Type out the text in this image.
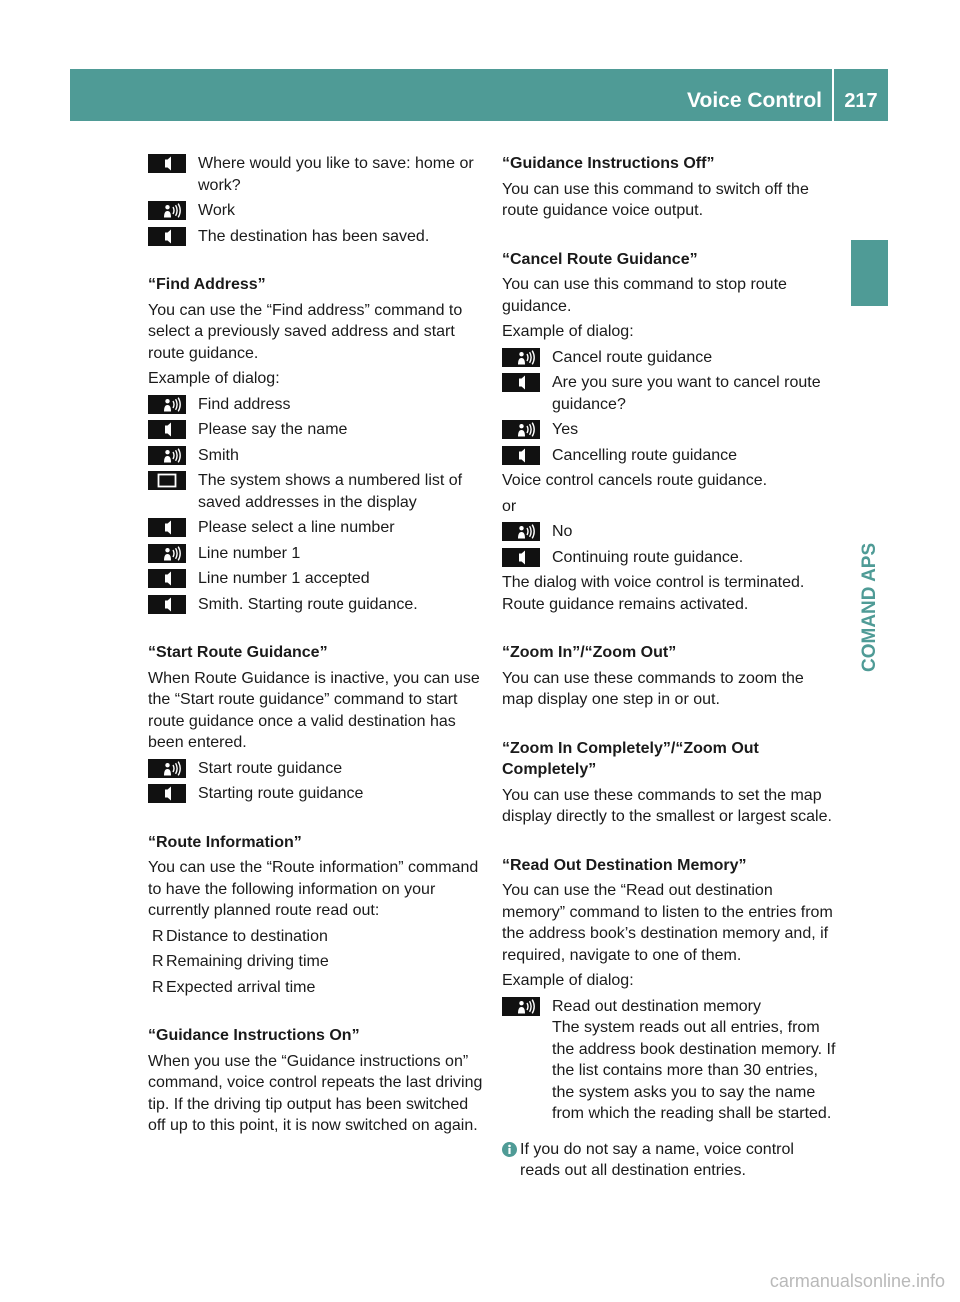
Voice Control	217
COMAND APS
Where would you like to save: home or work?
Work
The destination has been saved.
“Find Address”
You can use the “Find address” command to select a previously saved address and start route guidance.
Example of dialog:
Find address
Please say the name
Smith
The system shows a numbered list of saved addresses in the display
Please select a line number
Line number 1
Line number 1 accepted
Smith. Starting route guidance.
“Start Route Guidance”
When Route Guidance is inactive, you can use the “Start route guidance” command to start route guidance once a valid destination has been entered.
Start route guidance
Starting route guidance
“Route Information”
You can use the “Route information” command to have the following information on your currently planned route read out:
R Distance to destination
R Remaining driving time
R Expected arrival time
“Guidance Instructions On”
When you use the “Guidance instructions on” command, voice control repeats the last driving tip. If the driving tip output has been switched off up to this point, it is now switched on again.
“Guidance Instructions Off”
You can use this command to switch off the route guidance voice output.
“Cancel Route Guidance”
You can use this command to stop route guidance.
Example of dialog:
Cancel route guidance
Are you sure you want to cancel route guidance?
Yes
Cancelling route guidance
Voice control cancels route guidance.
or
No
Continuing route guidance.
The dialog with voice control is terminated. Route guidance remains activated.
“Zoom In”/“Zoom Out”
You can use these commands to zoom the map display one step in or out.
“Zoom In Completely”/“Zoom Out Completely”
You can use these commands to set the map display directly to the smallest or largest scale.
“Read Out Destination Memory”
You can use the “Read out destination memory” command to listen to the entries from the address book’s destination memory and, if required, navigate to one of them.
Example of dialog:
Read out destination memory
The system reads out all entries, from the address book destination memory. If the list contains more than 30 entries, the system asks you to say the name from which the reading shall be started.
If you do not say a name, voice control reads out all destination entries.
carmanualsonline.info
